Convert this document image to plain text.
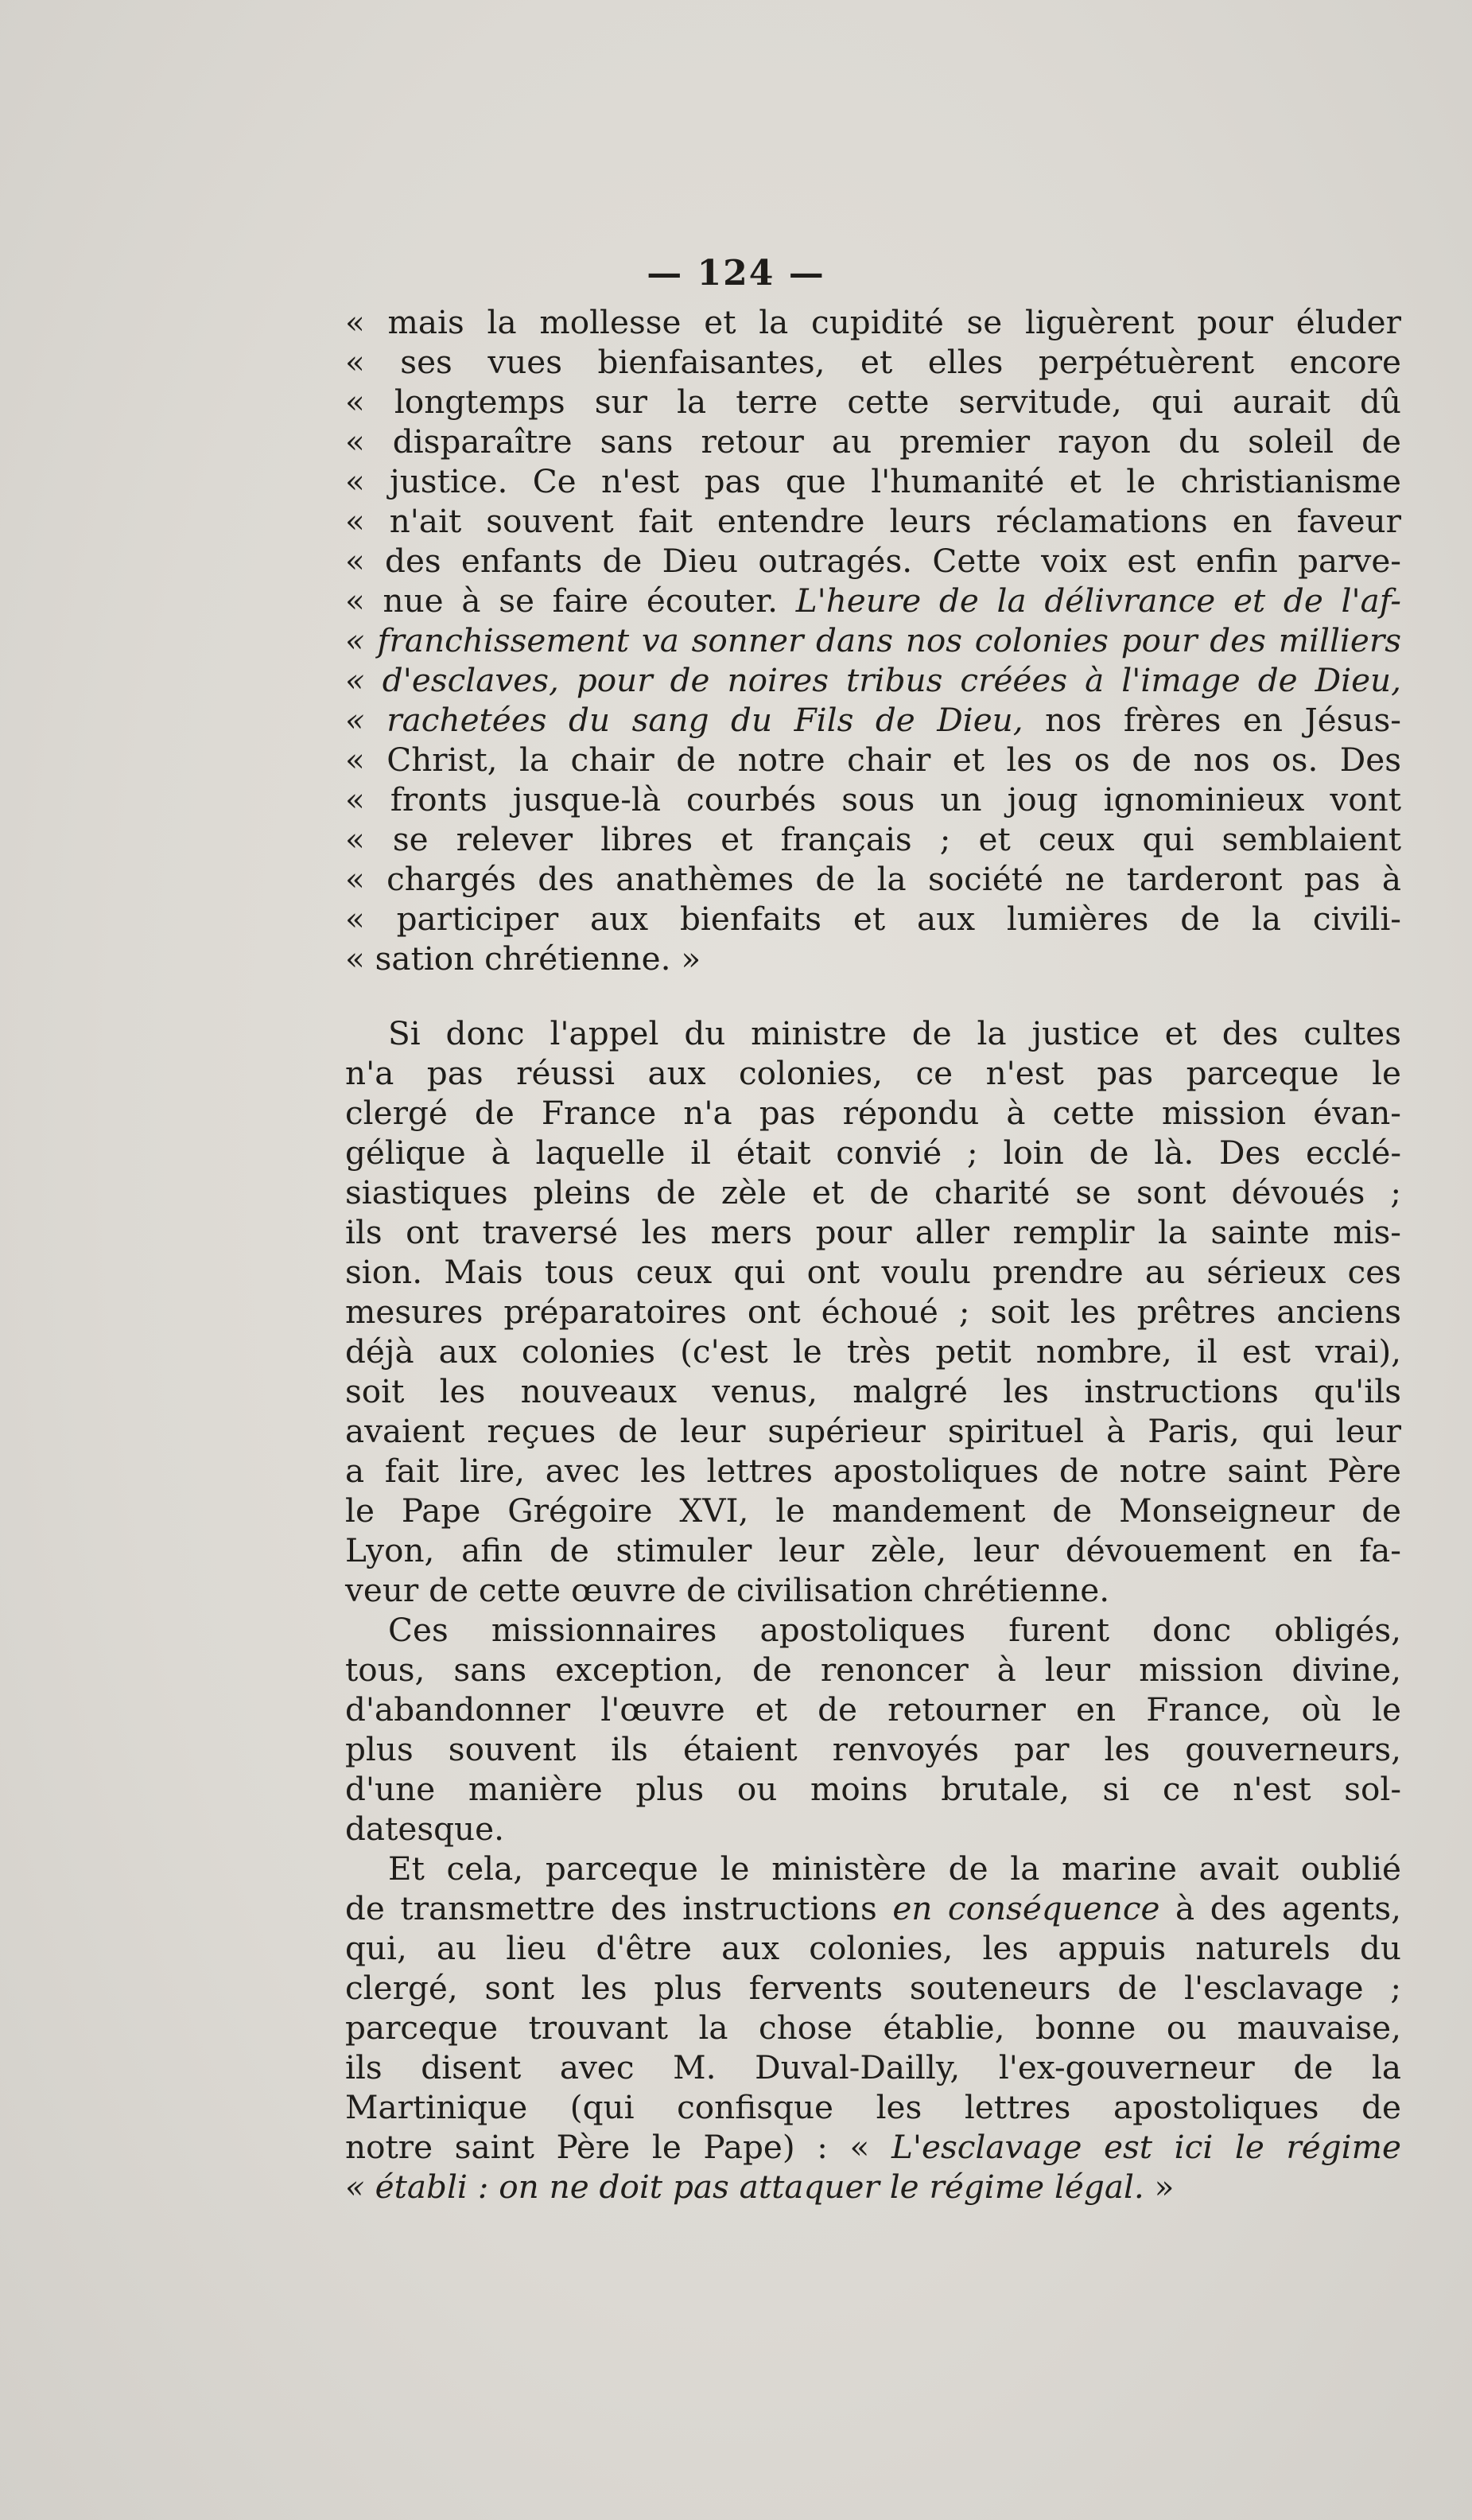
— 124 —
« mais la mollesse et la cupidité se liguèrent pour éluder
« ses vues bienfaisantes, et elles perpétuèrent encore
« longtemps sur la terre cette servitude, qui aurait dû
« disparaître sans retour au premier rayon du soleil de
« justice. Ce n'est pas que l'humanité et le christianisme
« n'ait souvent fait entendre leurs réclamations en faveur
« des enfants de Dieu outragés. Cette voix est enfin parve-
« nue à se faire écouter. L'heure de la délivrance et de l'af-
« franchissement va sonner dans nos colonies pour des milliers
« d'esclaves, pour de noires tribus créées à l'image de Dieu,
« rachetées du sang du Fils de Dieu, nos frères en Jésus-
« Christ, la chair de notre chair et les os de nos os. Des
« fronts jusque-là courbés sous un joug ignominieux vont
« se relever libres et français ; et ceux qui semblaient
« chargés des anathèmes de la société ne tarderont pas à
« participer aux bienfaits et aux lumières de la civili-
« sation chrétienne. »
Si donc l'appel du ministre de la justice et des cultes
n'a pas réussi aux colonies, ce n'est pas parceque le
clergé de France n'a pas répondu à cette mission évan-
gélique à laquelle il était convié ; loin de là. Des ecclé-
siastiques pleins de zèle et de charité se sont dévoués ;
ils ont traversé les mers pour aller remplir la sainte mis-
sion. Mais tous ceux qui ont voulu prendre au sérieux ces
mesures préparatoires ont échoué ; soit les prêtres anciens
déjà aux colonies (c'est le très petit nombre, il est vrai),
soit les nouveaux venus, malgré les instructions qu'ils
avaient reçues de leur supérieur spirituel à Paris, qui leur
a fait lire, avec les lettres apostoliques de notre saint Père
le Pape Grégoire XVI, le mandement de Monseigneur de
Lyon, afin de stimuler leur zèle, leur dévouement en fa-
veur de cette œuvre de civilisation chrétienne.
Ces missionnaires apostoliques furent donc obligés,
tous, sans exception, de renoncer à leur mission divine,
d'abandonner l'œuvre et de retourner en France, où le
plus souvent ils étaient renvoyés par les gouverneurs,
d'une manière plus ou moins brutale, si ce n'est sol-
datesque.
Et cela, parceque le ministère de la marine avait oublié
de transmettre des instructions en conséquence à des agents,
qui, au lieu d'être aux colonies, les appuis naturels du
clergé, sont les plus fervents souteneurs de l'esclavage ;
parceque trouvant la chose établie, bonne ou mauvaise,
ils disent avec M. Duval-Dailly, l'ex-gouverneur de la
Martinique (qui confisque les lettres apostoliques de
notre saint Père le Pape) : « L'esclavage est ici le régime
« établi : on ne doit pas attaquer le régime légal. »
